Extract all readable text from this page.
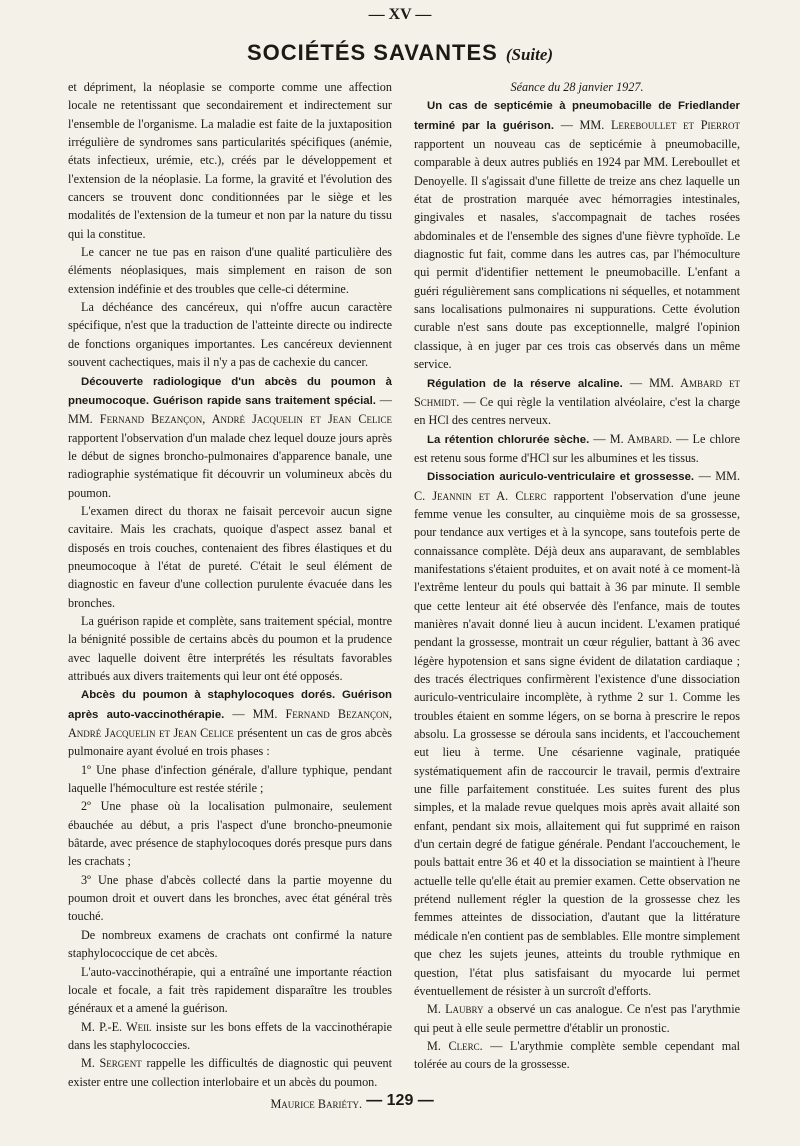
— XV —
SOCIÉTÉS SAVANTES (Suite)

et dépriment, la néoplasie se comporte comme une affection locale ne retentissant que secondairement et indirectement sur l'ensemble de l'organisme. La maladie est faite de la juxtaposition irrégulière de syndromes sans particularités spécifiques (anémie, états infectieux, urémie, etc.), créés par le développement et l'extension de la néoplasie. La forme, la gravité et l'évolution des cancers se trouvent donc conditionnées par le siège et les modalités de l'extension de la tumeur et non par la nature du tissu qui la constitue.

Le cancer ne tue pas en raison d'une qualité particulière des éléments néoplasiques, mais simplement en raison de son extension indéfinie et des troubles que celle-ci détermine.

La déchéance des cancéreux, qui n'offre aucun caractère spécifique, n'est que la traduction de l'atteinte directe ou indirecte de fonctions organiques importantes. Les cancéreux deviennent souvent cachectiques, mais il n'y a pas de cachexie du cancer.

Découverte radiologique d'un abcès du poumon à pneumocoque. Guérison rapide sans traitement spécial. — MM. Fernand Bezançon, André Jacquelin et Jean Celice rapportent l'observation d'un malade chez lequel douze jours après le début de signes broncho-pulmonaires d'apparence banale, une radiographie systématique fit découvrir un volumineux abcès du poumon.

L'examen direct du thorax ne faisait percevoir aucun signe cavitaire. Mais les crachats, quoique d'aspect assez banal et disposés en trois couches, contenaient des fibres élastiques et du pneumocoque à l'état de pureté. C'était le seul élément de diagnostic en faveur d'une collection purulente évacuée dans les bronches.

La guérison rapide et complète, sans traitement spécial, montre la bénignité possible de certains abcès du poumon et la prudence avec laquelle doivent être interprétés les résultats favorables attribués aux divers traitements qui leur ont été opposés.

Abcès du poumon à staphylocoques dorés. Guérison après auto-vaccinothérapie. — MM. Fernand Bezançon, André Jacquelin et Jean Celice présentent un cas de gros abcès pulmonaire ayant évolué en trois phases :

1º Une phase d'infection générale, d'allure typhique, pendant laquelle l'hémoculture est restée stérile ;

2º Une phase où la localisation pulmonaire, seulement ébauchée au début, a pris l'aspect d'une broncho-pneumonie bâtarde, avec présence de staphylocoques dorés presque purs dans les crachats ;

3º Une phase d'abcès collecté dans la partie moyenne du poumon droit et ouvert dans les bronches, avec état général très touché.

De nombreux examens de crachats ont confirmé la nature staphylococcique de cet abcès.

L'auto-vaccinothérapie, qui a entraîné une importante réaction locale et focale, a fait très rapidement disparaître les troubles généraux et a amené la guérison.

M. P.-E. Weil insiste sur les bons effets de la vaccinothérapie dans les staphylococcies.

M. Sergent rappelle les difficultés de diagnostic qui peuvent exister entre une collection interlobaire et un abcès du poumon.

Maurice Bariéty.

Séance du 28 janvier 1927.

Un cas de septicémie à pneumobacille de Friedlander terminé par la guérison. — MM. Lereboullet et Pierrot rapportent un nouveau cas de septicémie à pneumobacille, comparable à deux autres publiés en 1924 par MM. Lereboullet et Denoyelle. Il s'agissait d'une fillette de treize ans chez laquelle un état de prostration marquée avec hémorragies intestinales, gingivales et nasales, s'accompagnait de taches rosées abdominales et de l'ensemble des signes d'une fièvre typhoïde. Le diagnostic fut fait, comme dans les autres cas, par l'hémoculture qui permit d'identifier nettement le pneumobacille. L'enfant a guéri régulièrement sans complications ni séquelles, et notamment sans localisations pulmonaires ni suppurations. Cette évolution curable n'est sans doute pas exceptionnelle, malgré l'opinion classique, à en juger par ces trois cas observés dans un même service.

Régulation de la réserve alcaline. — MM. Ambard et Schmidt. — Ce qui règle la ventilation alvéolaire, c'est la charge en HCl des centres nerveux.

La rétention chlorurée sèche. — M. Ambard. — Le chlore est retenu sous forme d'HCl sur les albumines et les tissus.

Dissociation auriculo-ventriculaire et grossesse. — MM. C. Jeannin et A. Clerc rapportent l'observation d'une jeune femme venue les consulter, au cinquième mois de sa grossesse, pour tendance aux vertiges et à la syncope, sans toutefois perte de connaissance complète. Déjà deux ans auparavant, de semblables manifestations s'étaient produites, et on avait noté à ce moment-là l'extrême lenteur du pouls qui battait à 36 par minute. Il semble que cette lenteur ait été observée dès l'enfance, mais de toutes manières n'avait donné lieu à aucun incident. L'examen pratiqué pendant la grossesse, montrait un cœur régulier, battant à 36 avec légère hypotension et sans signe évident de dilatation cardiaque ; des tracés électriques confirmèrent l'existence d'une dissociation auriculo-ventriculaire incomplète, à rythme 2 sur 1. Comme les troubles étaient en somme légers, on se borna à prescrire le repos absolu. La grossesse se déroula sans incidents, et l'accouchement eut lieu à terme. Une césarienne vaginale, pratiquée systématiquement afin de raccourcir le travail, permis d'extraire une fille parfaitement constituée. Les suites furent des plus simples, et la malade revue quelques mois après avait allaité son enfant, pendant six mois, allaitement qui fut supprimé en raison d'un certain degré de fatigue générale. Pendant l'accouchement, le pouls battait entre 36 et 40 et la dissociation se maintient à l'heure actuelle telle qu'elle était au premier examen. Cette observation ne prétend nullement régler la question de la grossesse chez les femmes atteintes de dissociation, d'autant que la littérature médicale n'en contient pas de semblables. Elle montre simplement que chez les sujets jeunes, atteints du trouble rythmique en question, l'état plus satisfaisant du myocarde lui permet éventuellement de résister à un surcroît d'efforts.

M. Laubry a observé un cas analogue. Ce n'est pas l'arythmie qui peut à elle seule permettre d'établir un pronostic.

M. Clerc. — L'arythmie complète semble cependant mal tolérée au cours de la grossesse.

— 129 —
